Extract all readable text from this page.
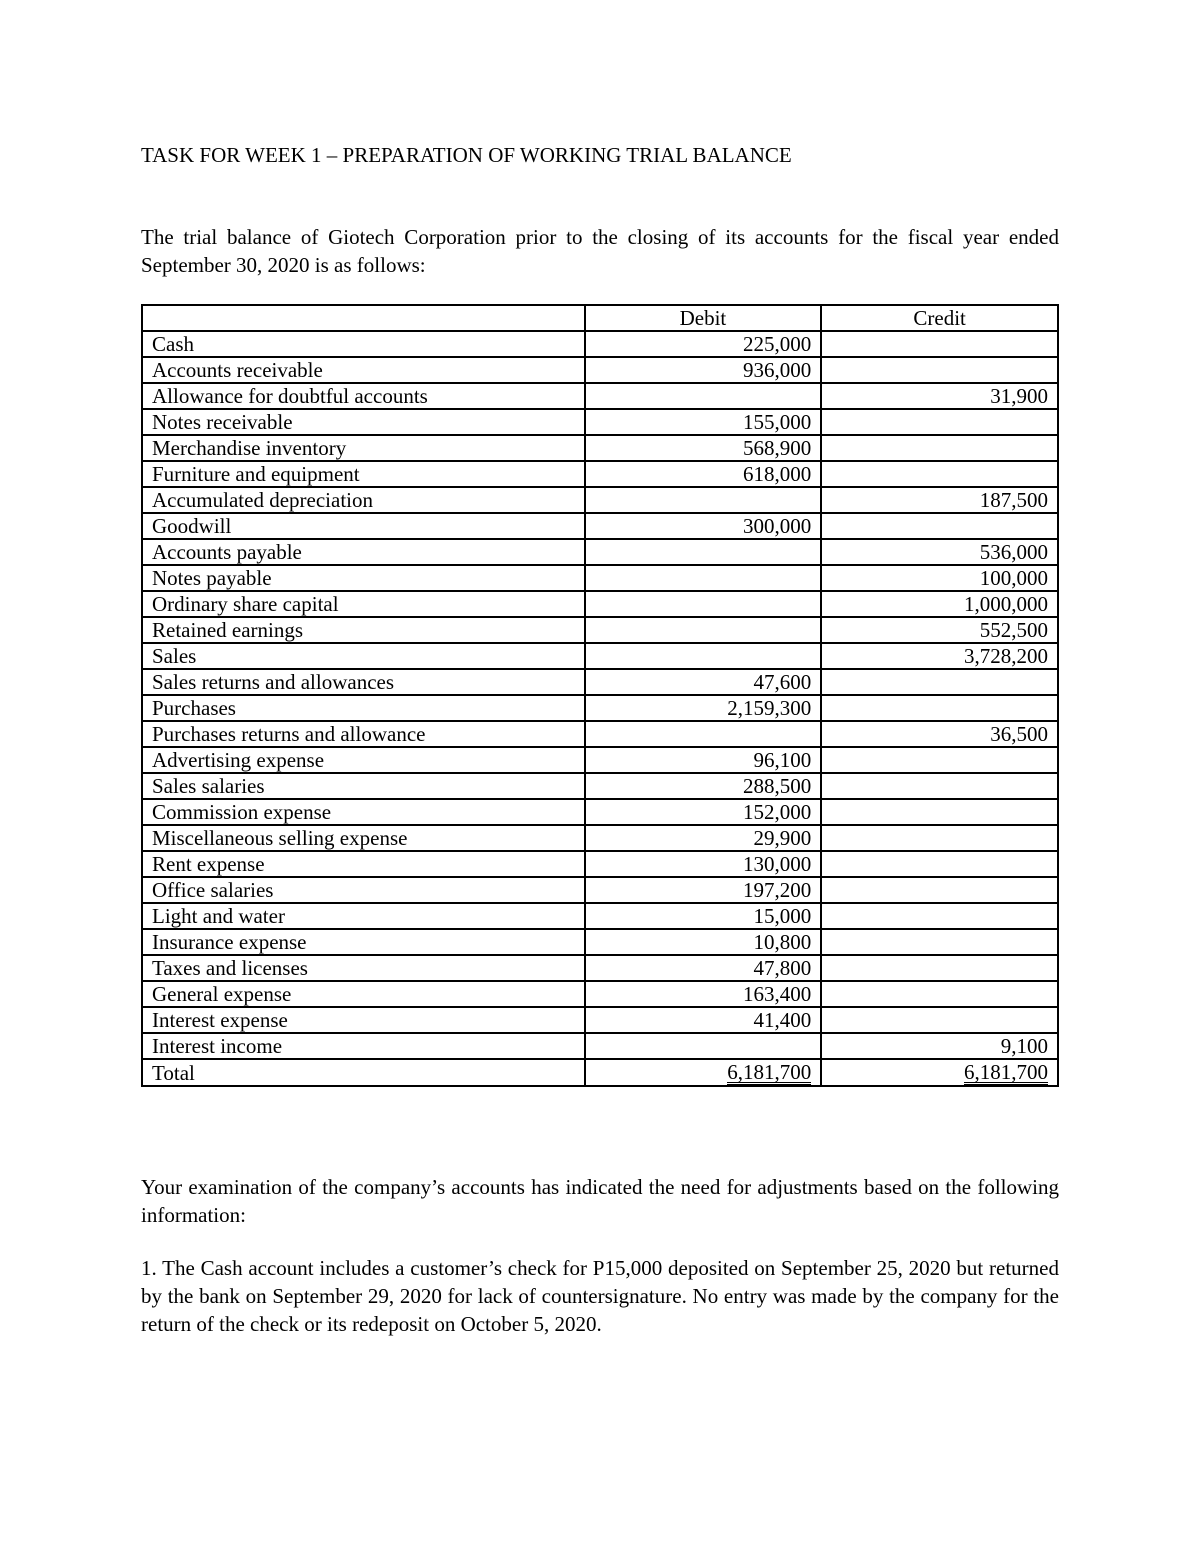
TASK FOR WEEK 1 – PREPARATION OF WORKING TRIAL BALANCE
The trial balance of Giotech Corporation prior to the closing of its accounts for the fiscal year ended September 30, 2020 is as follows:
	Debit	Credit
Cash	225,000	
Accounts receivable	936,000	
Allowance for doubtful accounts		31,900
Notes receivable	155,000	
Merchandise inventory	568,900	
Furniture and equipment	618,000	
Accumulated depreciation		187,500
Goodwill	300,000	
Accounts payable		536,000
Notes payable		100,000
Ordinary share capital		1,000,000
Retained earnings		552,500
Sales		3,728,200
Sales returns and allowances	47,600	
Purchases	2,159,300	
Purchases returns and allowance		36,500
Advertising expense	96,100	
Sales salaries	288,500	
Commission expense	152,000	
Miscellaneous selling expense	29,900	
Rent expense	130,000	
Office salaries	197,200	
Light and water	15,000	
Insurance expense	10,800	
Taxes and licenses	47,800	
General expense	163,400	
Interest expense	41,400	
Interest income		9,100
Total	6,181,700	6,181,700
Your examination of the company’s accounts has indicated the need for adjustments based on the following information:
1. The Cash account includes a customer’s check for P15,000 deposited on September 25, 2020 but returned by the bank on September 29, 2020 for lack of countersignature. No entry was made by the company for the return of the check or its redeposit on October 5, 2020.
